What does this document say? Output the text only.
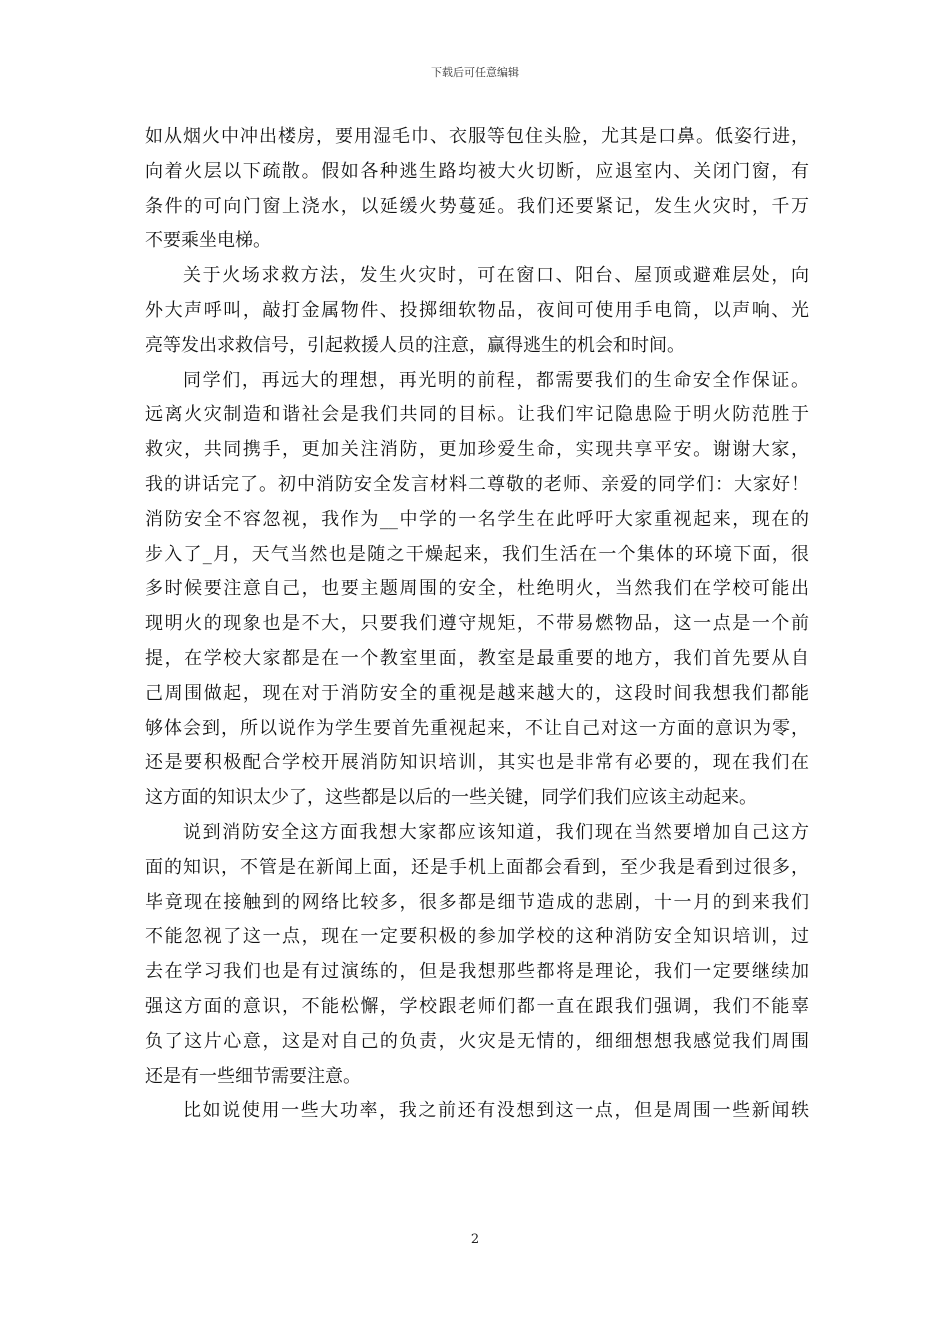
下载后可任意编辑
如从烟火中冲出楼房，要用湿毛巾、衣服等包住头脸，尤其是口鼻。低姿行进，
向着火层以下疏散。假如各种逃生路均被大火切断，应退室内、关闭门窗，有
条件的可向门窗上浇水，以延缓火势蔓延。我们还要紧记，发生火灾时，千万
不要乘坐电梯。
关于火场求救方法，发生火灾时，可在窗口、阳台、屋顶或避难层处，向
外大声呼叫，敲打金属物件、投掷细软物品，夜间可使用手电筒，以声响、光
亮等发出求救信号，引起救援人员的注意，赢得逃生的机会和时间。
同学们，再远大的理想，再光明的前程，都需要我们的生命安全作保证。
远离火灾制造和谐社会是我们共同的目标。让我们牢记隐患险于明火防范胜于
救灾，共同携手，更加关注消防，更加珍爱生命，实现共享平安。谢谢大家，
我的讲话完了。初中消防安全发言材料二尊敬的老师、亲爱的同学们：大家好！
消防安全不容忽视，我作为__中学的一名学生在此呼吁大家重视起来，现在的
步入了_月，天气当然也是随之干燥起来，我们生活在一个集体的环境下面，很
多时候要注意自己，也要主题周围的安全，杜绝明火，当然我们在学校可能出
现明火的现象也是不大，只要我们遵守规矩，不带易燃物品，这一点是一个前
提，在学校大家都是在一个教室里面，教室是最重要的地方，我们首先要从自
己周围做起，现在对于消防安全的重视是越来越大的，这段时间我想我们都能
够体会到，所以说作为学生要首先重视起来，不让自己对这一方面的意识为零，
还是要积极配合学校开展消防知识培训，其实也是非常有必要的，现在我们在
这方面的知识太少了，这些都是以后的一些关键，同学们我们应该主动起来。
说到消防安全这方面我想大家都应该知道，我们现在当然要增加自己这方
面的知识，不管是在新闻上面，还是手机上面都会看到，至少我是看到过很多，
毕竟现在接触到的网络比较多，很多都是细节造成的悲剧，十一月的到来我们
不能忽视了这一点，现在一定要积极的参加学校的这种消防安全知识培训，过
去在学习我们也是有过演练的，但是我想那些都将是理论，我们一定要继续加
强这方面的意识，不能松懈，学校跟老师们都一直在跟我们强调，我们不能辜
负了这片心意，这是对自己的负责，火灾是无情的，细细想想我感觉我们周围
还是有一些细节需要注意。
比如说使用一些大功率，我之前还有没想到这一点，但是周围一些新闻轶
2
